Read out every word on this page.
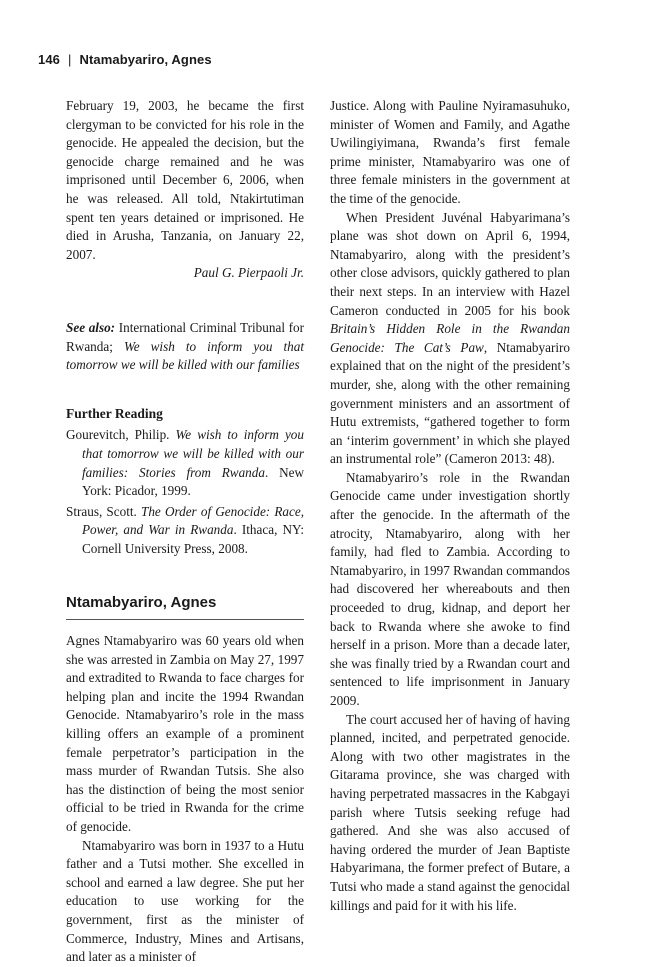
146 | Ntamabyariro, Agnes

February 19, 2003, he became the first clergyman to be convicted for his role in the genocide. He appealed the decision, but the genocide charge remained and he was imprisoned until December 6, 2006, when he was released. All told, Ntakirtutiman spent ten years detained or imprisoned. He died in Arusha, Tanzania, on January 22, 2007.

Paul G. Pierpaoli Jr.

See also: International Criminal Tribunal for Rwanda; We wish to inform you that tomorrow we will be killed with our families

Further Reading

Gourevitch, Philip. We wish to inform you that tomorrow we will be killed with our families: Stories from Rwanda. New York: Picador, 1999.

Straus, Scott. The Order of Genocide: Race, Power, and War in Rwanda. Ithaca, NY: Cornell University Press, 2008.

Ntamabyariro, Agnes

Agnes Ntamabyariro was 60 years old when she was arrested in Zambia on May 27, 1997 and extradited to Rwanda to face charges for helping plan and incite the 1994 Rwandan Genocide. Ntamabyariro’s role in the mass killing offers an example of a prominent female perpetrator’s participation in the mass murder of Rwandan Tutsis. She also has the distinction of being the most senior official to be tried in Rwanda for the crime of genocide.

Ntamabyariro was born in 1937 to a Hutu father and a Tutsi mother. She excelled in school and earned a law degree. She put her education to use working for the government, first as the minister of Commerce, Industry, Mines and Artisans, and later as a minister of

Justice. Along with Pauline Nyiramasuhuko, minister of Women and Family, and Agathe Uwilingiyimana, Rwanda’s first female prime minister, Ntamabyariro was one of three female ministers in the government at the time of the genocide.

When President Juvénal Habyarimana’s plane was shot down on April 6, 1994, Ntamabyariro, along with the president’s other close advisors, quickly gathered to plan their next steps. In an interview with Hazel Cameron conducted in 2005 for his book Britain’s Hidden Role in the Rwandan Genocide: The Cat’s Paw, Ntamabyariro explained that on the night of the president’s murder, she, along with the other remaining government ministers and an assortment of Hutu extremists, “gathered together to form an ‘interim government’ in which she played an instrumental role” (Cameron 2013: 48).

Ntamabyariro’s role in the Rwandan Genocide came under investigation shortly after the genocide. In the aftermath of the atrocity, Ntamabyariro, along with her family, had fled to Zambia. According to Ntamabyariro, in 1997 Rwandan commandos had discovered her whereabouts and then proceeded to drug, kidnap, and deport her back to Rwanda where she awoke to find herself in a prison. More than a decade later, she was finally tried by a Rwandan court and sentenced to life imprisonment in January 2009.

The court accused her of having of having planned, incited, and perpetrated genocide. Along with two other magistrates in the Gitarama province, she was charged with having perpetrated massacres in the Kabgayi parish where Tutsis seeking refuge had gathered. And she was also accused of having ordered the murder of Jean Baptiste Habyarimana, the former prefect of Butare, a Tutsi who made a stand against the genocidal killings and paid for it with his life.
